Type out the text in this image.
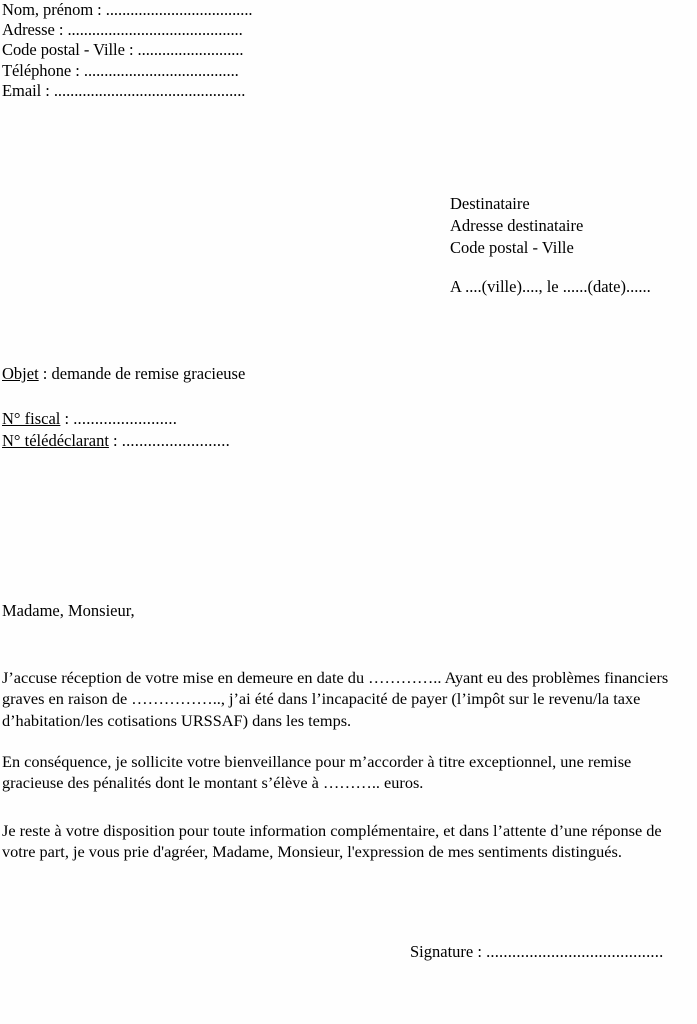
Nom, prénom : ....................................
Adresse : ...........................................
Code postal - Ville : ..........................
Téléphone : ......................................
Email : ...............................................
Destinataire
Adresse destinataire
Code postal - Ville
A ....(ville)...., le ......(date)......
Objet : demande de remise gracieuse
N° fiscal : ........................
N° télédéclarant : .........................
Madame, Monsieur,

J’accuse réception de votre mise en demeure en date du ………….. Ayant eu des problèmes financiers graves en raison de …………….., j’ai été dans l’incapacité de payer (l’impôt sur le revenu/la taxe d’habitation/les cotisations URSSAF) dans les temps.

En conséquence, je sollicite votre bienveillance pour m’accorder à titre exceptionnel, une remise gracieuse des pénalités dont le montant s’élève à ……….. euros.

Je reste à votre disposition pour toute information complémentaire, et dans l’attente d’une réponse de votre part, je vous prie d'agréer, Madame, Monsieur, l'expression de mes sentiments distingués.

Signature : .........................................
